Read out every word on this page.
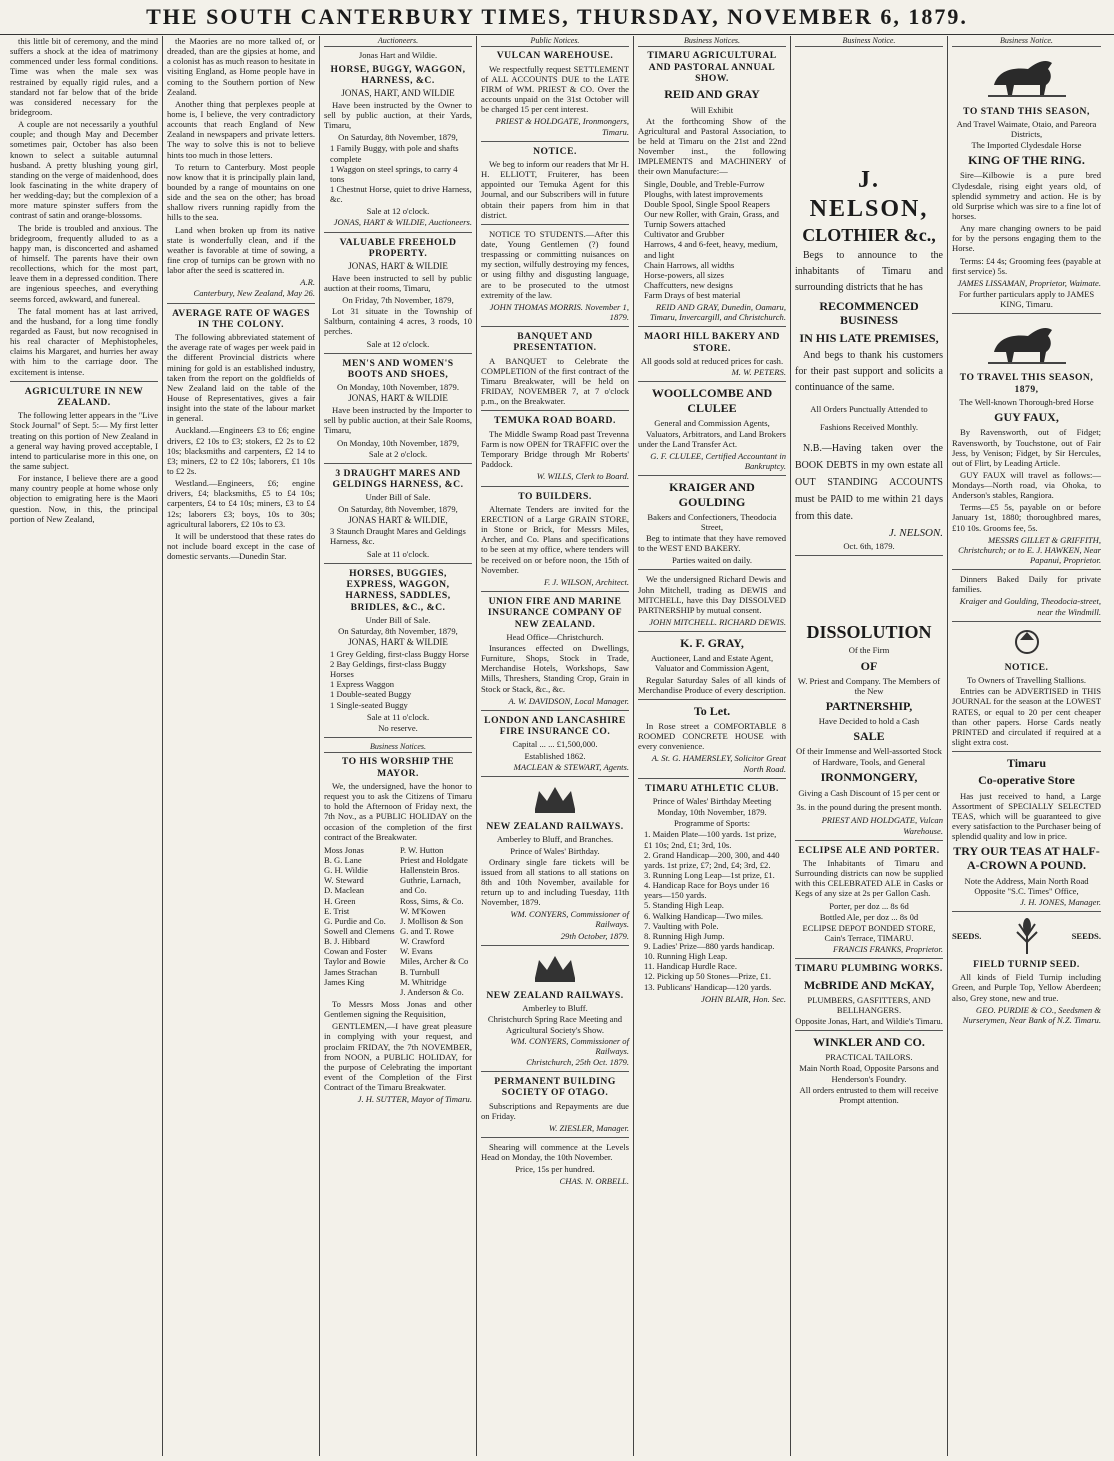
THE SOUTH CANTERBURY TIMES, THURSDAY, NOVEMBER 6, 1879.
this little bit of ceremony, and the mind suffers a shock at the idea of matrimony commenced under less formal conditions. Time was when the male sex was restrained by equally rigid rules, and a standard not far below that of the bride was considered necessary for the bridegroom.
A couple are not necessarily a youthful couple; and though May and December sometimes pair, October has also been known to select a suitable autumnal husband. A pretty blushing young girl, standing on the verge of maidenhood, does look fascinating in the white drapery of her wedding-day; but the complexion of a more mature spinster suffers from the contrast of satin and orange-blossoms.
The bride is troubled and anxious. The bridegroom, frequently alluded to as a happy man, is disconcerted and ashamed of himself. The parents have their own recollections, which for the most part, leave them in a depressed condition. There are ingenious speeches, and everything seems forced, awkward, and funereal.
The fatal moment has at last arrived, and the husband, for a long time fondly regarded as Faust, but now recognised in his real character of Mephistopheles, claims his Margaret, and hurries her away with him to the carriage door. The excitement is intense.
AGRICULTURE IN NEW ZEALAND.
The following letter appears in the "Live Stock Journal" of Sept. 5:— My first letter treating on this portion of New Zealand in a general way having proved acceptable, I intend to particularise more in this one, on the same subject.
For instance, I believe there are a good many country people at home whose only objection to emigrating here is the Maori question. Now, in this, the principal portion of New Zealand,
the Maories are no more talked of, or dreaded, than are the gipsies at home, and a colonist has as much reason to hesitate in visiting England, as Home people have in coming to the Southern portion of New Zealand.
Another thing that perplexes people at home is, I believe, the very contradictory accounts that reach England of New Zealand in newspapers and private letters. The way to solve this is not to believe hints too much in those letters.
To return to Canterbury. Most people now know that it is principally plain land, bounded by a range of mountains on one side and the sea on the other; has broad shallow rivers running rapidly from the hills to the sea.
Land when broken up from its native state is wonderfully clean, and if the weather is favorable at time of sowing, a fine crop of turnips can be grown with no labor after the seed is scattered in.
A.R.
Canterbury, New Zealand, May 26.
AVERAGE RATE OF WAGES IN THE COLONY.
The following abbreviated statement of the average rate of wages per week paid in the different Provincial districts where mining for gold is an established industry, taken from the report on the goldfields of New Zealand laid on the table of the House of Representatives, gives a fair insight into the state of the labour market in general.
Auckland.—Engineers £3 to £6; engine drivers, £2 10s to £3; stokers, £2 2s to £2 10s; blacksmiths and carpenters, £2 14 to £3; miners, £2 to £2 10s; laborers, £1 10s to £2 2s.
Westland.—Engineers, £6; engine drivers, £4; blacksmiths, £5 to £4 10s; carpenters, £4 to £4 10s; miners, £3 to £4 12s; laborers £3; boys, 10s to 30s; agricultural laborers, £2 10s to £3.
It will be understood that these rates do not include board except in the case of domestic servants.—Dunedin Star.
Auctioneers.
Jonas Hart and Wildie.
HORSE, BUGGY, WAGGON, HARNESS, &C.
JONAS, HART, AND WILDIE
Have been instructed by the Owner to sell by public auction, at their Yards, Timaru,
On Saturday, 8th November, 1879,
1 Family Buggy, with pole and shafts complete
1 Waggon on steel springs, to carry 4 tons
1 Chestnut Horse, quiet to drive Harness, &c.
Sale at 12 o'clock.
JONAS, HART & WILDIE, Auctioneers.
VALUABLE FREEHOLD PROPERTY.
JONAS, HART & WILDIE
Have been instructed to sell by public auction at their rooms, Timaru,
On Friday, 7th November, 1879,
Lot 31 situate in the Township of Saltburn, containing 4 acres, 3 roods, 10 perches.
Sale at 12 o'clock.
MEN'S AND WOMEN'S BOOTS AND SHOES,
On Monday, 10th November, 1879.
JONAS, HART & WILDIE
Have been instructed by the Importer to sell by public auction, at their Sale Rooms, Timaru,
On Monday, 10th November, 1879,
Sale at 2 o'clock.
3 DRAUGHT MARES AND GELDINGS HARNESS, &C.
Under Bill of Sale.
On Saturday, 8th November, 1879,
JONAS HART & WILDIE,
3 Staunch Draught Mares and Geldings
Harness, &c.
Sale at 11 o'clock.
HORSES, BUGGIES, EXPRESS, WAGGON, HARNESS, SADDLES, BRIDLES, &C., &C.
Under Bill of Sale.
On Saturday, 8th November, 1879,
JONAS, HART & WILDIE
1 Grey Gelding, first-class Buggy Horse
2 Bay Geldings, first-class Buggy Horses
1 Express Waggon
1 Double-seated Buggy
1 Single-seated Buggy
Sale at 11 o'clock.
No reserve.
Business Notices.
TO HIS WORSHIP THE MAYOR.
We, the undersigned, have the honor to request you to ask the Citizens of Timaru to hold the Afternoon of Friday next, the 7th Nov., as a PUBLIC HOLIDAY on the occasion of the completion of the first contract of the Breakwater.
Moss Jonas
B. G. Lane
G. H. Wildie
W. Steward
D. Maclean
H. Green
E. Trist
G. Purdie and Co.
Sowell and Clemens
B. J. Hibbard
Cowan and Foster
Taylor and Bowie
James Strachan
James King
P. W. Hutton
Priest and Holdgate
Hallenstein Bros.
Guthrie, Larnach, and Co.
Ross, Sims, & Co.
W. M'Kowen
J. Mollison & Son
G. and T. Rowe
W. Crawford
W. Evans
Miles, Archer & Co
B. Turnbull
M. Whitridge
J. Anderson & Co.
To Messrs Moss Jonas and other Gentlemen signing the Requisition,
GENTLEMEN,—I have great pleasure in complying with your request, and proclaim FRIDAY, the 7th NOVEMBER, from NOON, a PUBLIC HOLIDAY, for the purpose of Celebrating the important event of the Completion of the First Contract of the Timaru Breakwater.
J. H. SUTTER, Mayor of Timaru.
Public Notices.
VULCAN WAREHOUSE.
We respectfully request SETTLEMENT of ALL ACCOUNTS DUE to the LATE FIRM of WM. PRIEST & CO. Over the accounts unpaid on the 31st October will be charged 15 per cent interest.
PRIEST & HOLDGATE, Ironmongers, Timaru.
NOTICE.
We beg to inform our readers that Mr H. H. ELLIOTT, Fruiterer, has been appointed our Temuka Agent for this Journal, and our Subscribers will in future obtain their papers from him in that district.
NOTICE TO STUDENTS.—After this date, Young Gentlemen (?) found trespassing or committing nuisances on my section, wilfully destroying my fences, or using filthy and disgusting language, are to be prosecuted to the utmost extremity of the law.
JOHN THOMAS MORRIS. November 1, 1879.
BANQUET AND PRESENTATION.
A BANQUET to Celebrate the COMPLETION of the first contract of the Timaru Breakwater, will be held on FRIDAY, NOVEMBER 7, at 7 o'clock p.m., on the Breakwater.
TEMUKA ROAD BOARD.
The Middle Swamp Road past Trevenna Farm is now OPEN for TRAFFIC over the Temporary Bridge through Mr Roberts' Paddock.
W. WILLS, Clerk to Board.
TO BUILDERS.
Alternate Tenders are invited for the ERECTION of a Large GRAIN STORE, in Stone or Brick, for Messrs Miles, Archer, and Co. Plans and specifications to be seen at my office, where tenders will be received on or before noon, the 15th of November.
F. J. WILSON, Architect.
UNION FIRE AND MARINE INSURANCE COMPANY OF NEW ZEALAND.
Head Office—Christchurch.
Insurances effected on Dwellings, Furniture, Shops, Stock in Trade, Merchandise Hotels, Workshops, Saw Mills, Threshers, Standing Crop, Grain in Stock or Stack, &c., &c.
A. W. DAVIDSON, Local Manager.
LONDON AND LANCASHIRE FIRE INSURANCE CO.
Capital ... ... £1,500,000.
Established 1862.
MACLEAN & STEWART, Agents.
NEW ZEALAND RAILWAYS.
Amberley to Bluff, and Branches.
Prince of Wales' Birthday.
Ordinary single fare tickets will be issued from all stations to all stations on 8th and 10th November, available for return up to and including Tuesday, 11th November, 1879.
WM. CONYERS, Commissioner of Railways.
29th October, 1879.
NEW ZEALAND RAILWAYS.
Amberley to Bluff.
Christchurch Spring Race Meeting and Agricultural Society's Show.
WM. CONYERS, Commissioner of Railways.
Christchurch, 25th Oct. 1879.
PERMANENT BUILDING SOCIETY OF OTAGO.
Subscriptions and Repayments are due on Friday.
W. ZIESLER, Manager.
Shearing will commence at the Levels Head on Monday, the 10th November.
Price, 15s per hundred.
CHAS. N. ORBELL.
Business Notices.
TIMARU AGRICULTURAL AND PASTORAL ANNUAL SHOW.
REID AND GRAY
Will Exhibit
At the forthcoming Show of the Agricultural and Pastoral Association, to be held at Timaru on the 21st and 22nd November inst., the following IMPLEMENTS and MACHINERY of their own Manufacture:—
Single, Double, and Treble-Furrow Ploughs, with latest improvements
Double Spool, Single Spool Reapers
Our new Roller, with Grain, Grass, and Turnip Sowers attached
Cultivator and Grubber
Harrows, 4 and 6-feet, heavy, medium, and light
Chain Harrows, all widths
Horse-powers, all sizes
Chaffcutters, new designs
Farm Drays of best material
REID AND GRAY, Dunedin, Oamaru, Timaru, Invercargill, and Christchurch.
MAORI HILL BAKERY AND STORE.
All goods sold at reduced prices for cash.
M. W. PETERS.
WOOLLCOMBE AND CLULEE
General and Commission Agents,
Valuators, Arbitrators, and Land Brokers under the Land Transfer Act.
G. F. CLULEE, Certified Accountant in Bankruptcy.
KRAIGER AND GOULDING
Bakers and Confectioners, Theodocia Street,
Beg to intimate that they have removed to the WEST END BAKERY.
Parties waited on daily.
We the undersigned Richard Dewis and John Mitchell, trading as DEWIS and MITCHELL, have this Day DISSOLVED PARTNERSHIP by mutual consent.
JOHN MITCHELL. RICHARD DEWIS.
K. F. GRAY,
Auctioneer, Land and Estate Agent, Valuator and Commission Agent,
Regular Saturday Sales of all kinds of Merchandise Produce of every description.
To Let.
In Rose street a COMFORTABLE 8 ROOMED CONCRETE HOUSE with every convenience.
A. St. G. HAMERSLEY, Solicitor Great North Road.
TIMARU ATHLETIC CLUB.
Prince of Wales' Birthday Meeting
Monday, 10th November, 1879.
Programme of Sports:
1. Maiden Plate—100 yards. 1st prize, £1 10s; 2nd, £1; 3rd, 10s.
2. Grand Handicap—200, 300, and 440 yards. 1st prize, £7; 2nd, £4; 3rd, £2.
3. Running Long Leap—1st prize, £1.
4. Handicap Race for Boys under 16 years—150 yards.
5. Standing High Leap.
6. Walking Handicap—Two miles.
7. Vaulting with Pole.
8. Running High Jump.
9. Ladies' Prize—880 yards handicap.
10. Running High Leap.
11. Handicap Hurdle Race.
12. Picking up 50 Stones—Prize, £1.
13. Publicans' Handicap—120 yards.
JOHN BLAIR, Hon. Sec.
Business Notice.
J. NELSON,
CLOTHIER &c.,
Begs to announce to the inhabitants of Timaru and surrounding districts that he has
RECOMMENCED BUSINESS
IN HIS LATE PREMISES,
And begs to thank his customers for their past support and solicits a continuance of the same.
All Orders Punctually Attended to
Fashions Received Monthly.
N.B.—Having taken over the BOOK DEBTS in my own estate all OUT STANDING ACCOUNTS must be PAID to me within 21 days from this date.
J. NELSON.
Oct. 6th, 1879.
DISSOLUTION
Of the Firm
OF
W. Priest and Company. The Members of the New
PARTNERSHIP,
Have Decided to hold a Cash
SALE
Of their Immense and Well-assorted Stock of Hardware, Tools, and General
IRONMONGERY,
Giving a Cash Discount of 15 per cent or 3s. in the pound during the present month.
PRIEST AND HOLDGATE, Vulcan Warehouse.
ECLIPSE ALE AND PORTER.
The Inhabitants of Timaru and Surrounding districts can now be supplied with this CELEBRATED ALE in Casks or Kegs of any size at 2s per Gallon Cash.
Porter, per doz ... 8s 6d
Bottled Ale, per doz ... 8s 0d
ECLIPSE DEPOT BONDED STORE, Cain's Terrace, TIMARU.
FRANCIS FRANKS, Proprietor.
TIMARU PLUMBING WORKS.
McBRIDE AND McKAY,
PLUMBERS, GASFITTERS, AND BELLHANGERS.
Opposite Jonas, Hart, and Wildie's Timaru.
WINKLER AND CO.
PRACTICAL TAILORS.
Main North Road, Opposite Parsons and Henderson's Foundry.
All orders entrusted to them will receive Prompt attention.
Business Notice.
TO STAND THIS SEASON,
And Travel Waimate, Otaio, and Pareora Districts,
The Imported Clydesdale Horse
KING OF THE RING.
Sire—Kilbowie is a pure bred Clydesdale, rising eight years old, of splendid symmetry and action. He is by old Surprise which was sire to a fine lot of horses.
Any mare changing owners to be paid for by the persons engaging them to the Horse.
Terms: £4 4s; Grooming fees (payable at first service) 5s.
JAMES LISSAMAN, Proprietor, Waimate.
For further particulars apply to JAMES KING, Timaru.
TO TRAVEL THIS SEASON, 1879,
The Well-known Thorough-bred Horse
GUY FAUX,
By Ravensworth, out of Fidget; Ravensworth, by Touchstone, out of Fair Jess, by Venison; Fidget, by Sir Hercules, out of Flirt, by Leading Article.
GUY FAUX will travel as follows:— Mondays—North road, via Ohoka, to Anderson's stables, Rangiora.
Terms—£5 5s, payable on or before January 1st, 1880; thoroughbred mares, £10 10s. Grooms fee, 5s.
MESSRS GILLET & GRIFFITH, Christchurch; or to E. J. HAWKEN, Near Papanui, Proprietor.
Dinners Baked Daily for private families.
Kraiger and Goulding, Theodocia-street, near the Windmill.
NOTICE.
To Owners of Travelling Stallions.
Entries can be ADVERTISED in THIS JOURNAL for the season at the LOWEST RATES, or equal to 20 per cent cheaper than other papers. Horse Cards neatly PRINTED and circulated if required at a slight extra cost.
Timaru
Co-operative Store
Has just received to hand, a Large Assortment of SPECIALLY SELECTED TEAS, which will be guaranteed to give every satisfaction to the Purchaser being of splendid quality and low in price.
TRY OUR TEAS AT HALF-A-CROWN A POUND.
Note the Address, Main North Road Opposite "S.C. Times" Office,
J. H. JONES, Manager.
SEEDS.	SEEDS.
FIELD TURNIP SEED.
All kinds of Field Turnip including Green, and Purple Top, Yellow Aberdeen; also, Grey stone, new and true.
GEO. PURDIE & CO., Seedsmen & Nurserymen, Near Bank of N.Z. Timaru.
